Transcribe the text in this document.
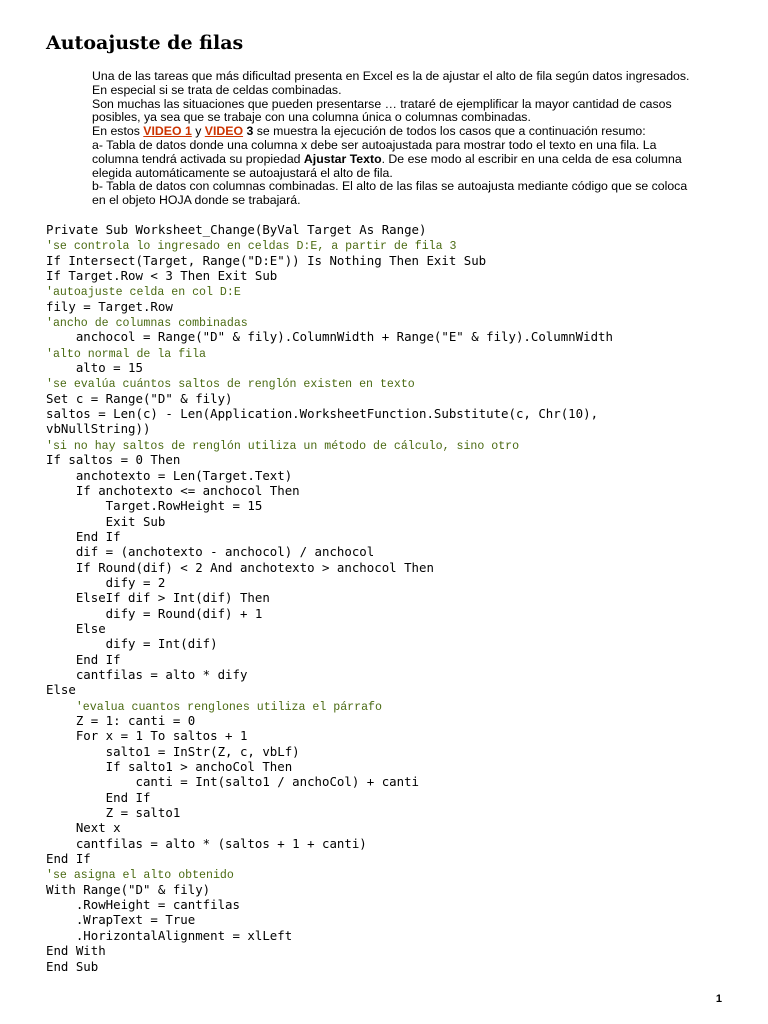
Autoajuste de filas

Una de las tareas que más dificultad presenta en Excel es la de ajustar el alto de fila según datos ingresados.

En especial si se trata de celdas combinadas.

Son muchas las situaciones que pueden presentarse … trataré de ejemplificar la mayor cantidad de casos

posibles, ya sea que se trabaje con una columna única o columnas combinadas.

En estos VIDEO 1 y VIDEO 3 se muestra la ejecución de todos los casos que a continuación resumo:

a- Tabla de datos donde una columna x debe ser autoajustada para mostrar todo el texto en una fila. La

columna tendrá activada su propiedad Ajustar Texto. De ese modo al escribir en una celda de esa columna

elegida automáticamente se autoajustará el alto de fila.

b- Tabla de datos con columnas combinadas. El alto de las filas se autoajusta mediante código que se coloca

en el objeto HOJA donde se trabajará.

Private Sub Worksheet_Change(ByVal Target As Range)
'se controla lo ingresado en celdas D:E, a partir de fila 3
If Intersect(Target, Range("D:E")) Is Nothing Then Exit Sub
If Target.Row < 3 Then Exit Sub
'autoajuste celda en col D:E
fily = Target.Row
'ancho de columnas combinadas
anchocol = Range("D" & fily).ColumnWidth + Range("E" & fily).ColumnWidth
'alto normal de la fila
alto = 15
'se evalúa cuántos saltos de renglón existen en texto
Set c = Range("D" & fily)
saltos = Len(c) - Len(Application.WorksheetFunction.Substitute(c, Chr(10),
vbNullString))
'si no hay saltos de renglón utiliza un método de cálculo, sino otro
If saltos = 0 Then
anchotexto = Len(Target.Text)
If anchotexto <= anchocol Then
Target.RowHeight = 15
Exit Sub
End If
dif = (anchotexto - anchocol) / anchocol
If Round(dif) < 2 And anchotexto > anchocol Then
dify = 2
ElseIf dif > Int(dif) Then
dify = Round(dif) + 1
Else
dify = Int(dif)
End If
cantfilas = alto * dify
Else
'evalua cuantos renglones utiliza el párrafo
Z = 1: canti = 0
For x = 1 To saltos + 1
salto1 = InStr(Z, c, vbLf)
If salto1 > anchoCol Then
canti = Int(salto1 / anchoCol) + canti
End If
Z = salto1
Next x
cantfilas = alto * (saltos + 1 + canti)
End If
'se asigna el alto obtenido
With Range("D" & fily)
.RowHeight = cantfilas
.WrapText = True
.HorizontalAlignment = xlLeft
End With
End Sub
1
